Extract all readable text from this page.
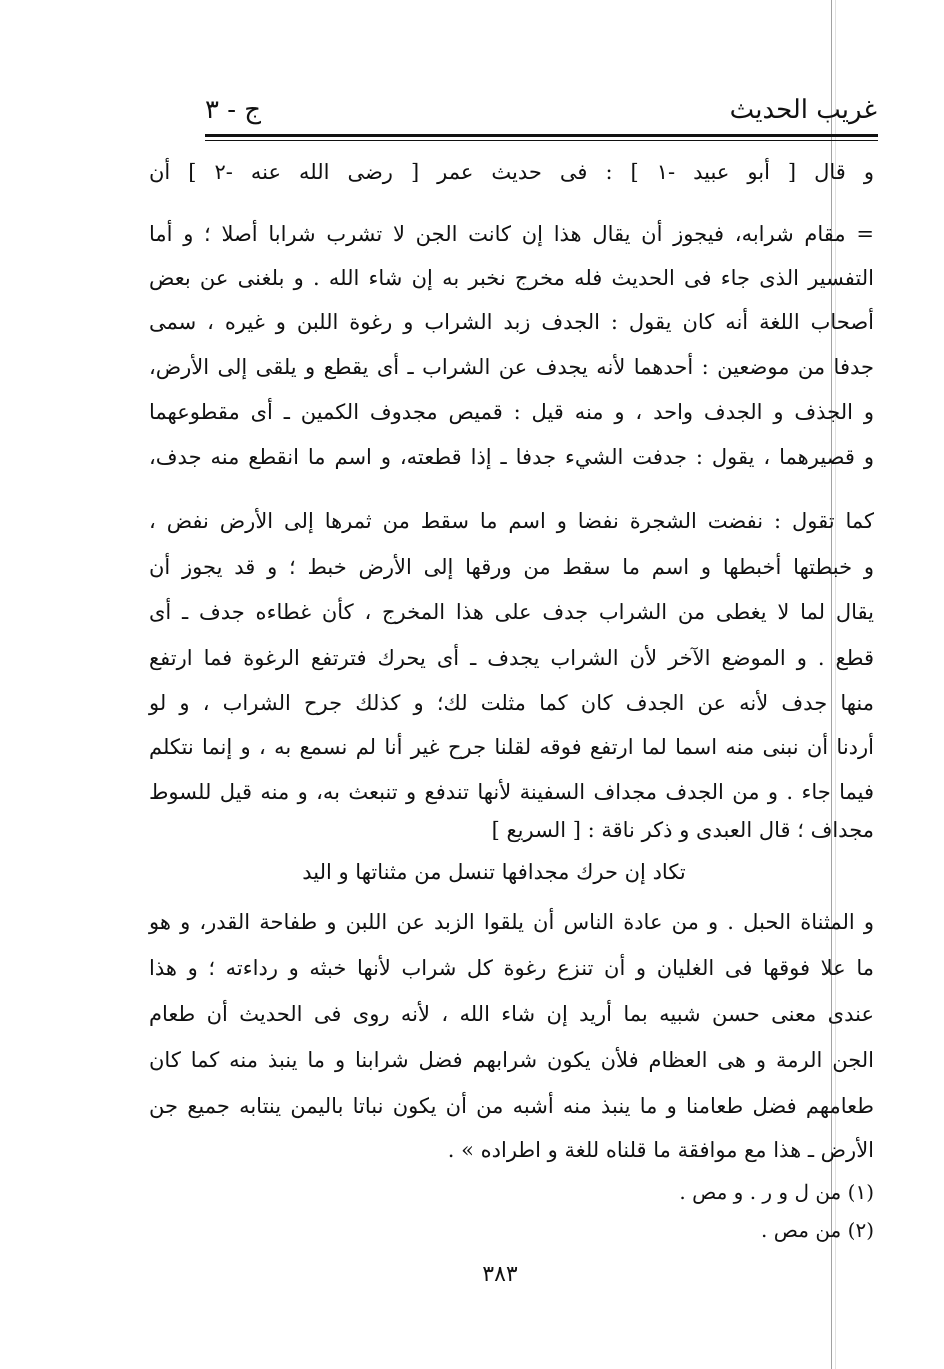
غريب الحديث
ج - ٣
و قال [ أبو عبيد -١ ] : فى حديث عمر [ رضى الله عنه -٢ ] أن
= مقام شرابه، فيجوز أن يقال هذا إن كانت الجن لا تشرب شرابا أصلا ؛ و أما
التفسير الذى جاء فى الحديث فله مخرج نخبر به إن شاء الله . و بلغنى عن بعض
أصحاب اللغة أنه كان يقول : الجدف زبد الشراب و رغوة اللبن و غيره ، سمى
جدفا من موضعين : أحدهما لأنه يجدف عن الشراب ـ أى يقطع و يلقى إلى الأرض،
و الجذف و الجدف واحد ، و منه قيل : قميص مجدوف الكمين ـ أى مقطوعهما
و قصيرهما ، يقول : جدفت الشيء جدفا ـ إذا قطعته، و اسم ما انقطع منه جدف،
كما تقول : نفضت الشجرة نفضا و اسم ما سقط من ثمرها إلى الأرض نفض ،
و خبطتها أخبطها و اسم ما سقط من ورقها إلى الأرض خبط ؛ و قد يجوز أن
يقال لما لا يغطى من الشراب جدف على هذا المخرج ، كأن غطاءه جدف ـ أى
قطع . و الموضع الآخر لأن الشراب يجدف ـ أى يحرك فترتفع الرغوة فما ارتفع
منها جدف لأنه عن الجدف كان كما مثلت لك؛ و كذلك جرح الشراب ، و لو
أردنا أن نبنى منه اسما لما ارتفع فوقه لقلنا جرح غير أنا لم نسمع به ، و إنما نتكلم
فيما جاء . و من الجدف مجداف السفينة لأنها تندفع و تنبعث به، و منه قيل للسوط
مجداف ؛ قال العبدى و ذكر ناقة : [ السريع ]
تكاد إن حرك مجدافها تنسل من مثناتها و اليد
و المثناة الحبل . و من عادة الناس أن يلقوا الزبد عن اللبن و طفاحة القدر، و هو
ما علا فوقها فى الغليان و أن تنزع رغوة كل شراب لأنها خبثه و رداءته ؛ و هذا
عندى معنى حسن شبيه بما أريد إن شاء الله ، لأنه روى فى الحديث أن طعام
الجن الرمة و هى العظام فلأن يكون شرابهم فضل شرابنا و ما ينبذ منه كما كان
طعامهم فضل طعامنا و ما ينبذ منه أشبه من أن يكون نباتا باليمن ينتابه جميع جن
الأرض ـ هذا مع موافقة ما قلناه للغة و اطراده » .
(١) من ل و ر . و مص .
(٢) من مص .
٣٨٣
